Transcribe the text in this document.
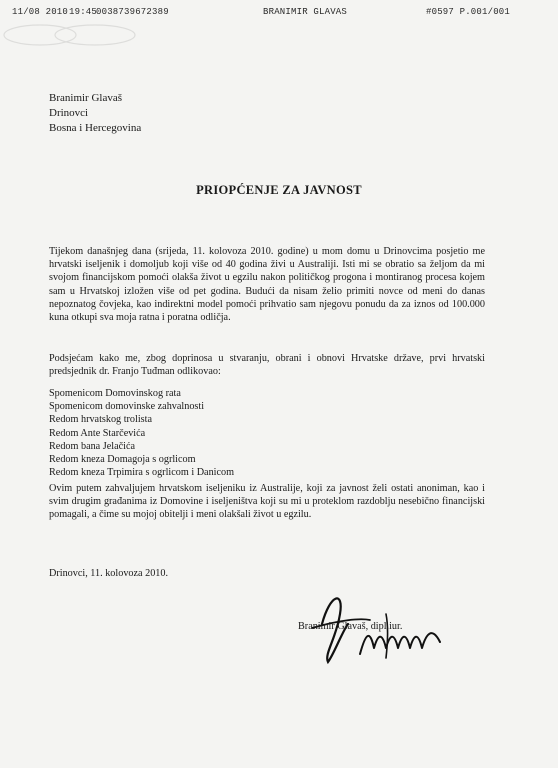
11/08 2010 19:45
0038739672389	BRANIMIR GLAVAS	#0597 P.001/001
Branimir Glavaš
Drinovci
Bosna i Hercegovina
PRIOPĆENJE ZA JAVNOST
Tijekom današnjeg dana (srijeda, 11. kolovoza 2010. godine) u mom domu u Drinovcima posjetio me hrvatski iseljenik i domoljub koji više od 40 godina živi u Australiji. Isti mi se obratio sa željom da mi svojom financijskom pomoći olakša život u egzilu nakon političkog progona i montiranog procesa kojem sam u Hrvatskoj izložen više od pet godina. Budući da nisam želio primiti novce od meni do danas nepoznatog čovjeka, kao indirektni model pomoći prihvatio sam njegovu ponudu da za iznos od 100.000 kuna otkupi sva moja ratna i poratna odličja.
Podsjećam kako me, zbog doprinosa u stvaranju, obrani i obnovi Hrvatske države, prvi hrvatski predsjednik dr. Franjo Tuđman odlikovao:
Spomenicom Domovinskog rata
Spomenicom domovinske zahvalnosti
Redom hrvatskog trolista
Redom Ante Starčevića
Redom bana Jelačića
Redom kneza Domagoja s ogrlicom
Redom kneza Trpimira s ogrlicom i Danicom
Ovim putem zahvaljujem hrvatskom iseljeniku iz Australije, koji za javnost želi ostati anoniman, kao i svim drugim građanima iz Domovine i iseljeništva koji su mi u proteklom razdoblju nesebično financijski pomagali, a čime su mojoj obitelji i meni olakšali život u egzilu.
Drinovci, 11. kolovoza 2010.
Branimir Glavaš, dipl.iur.
